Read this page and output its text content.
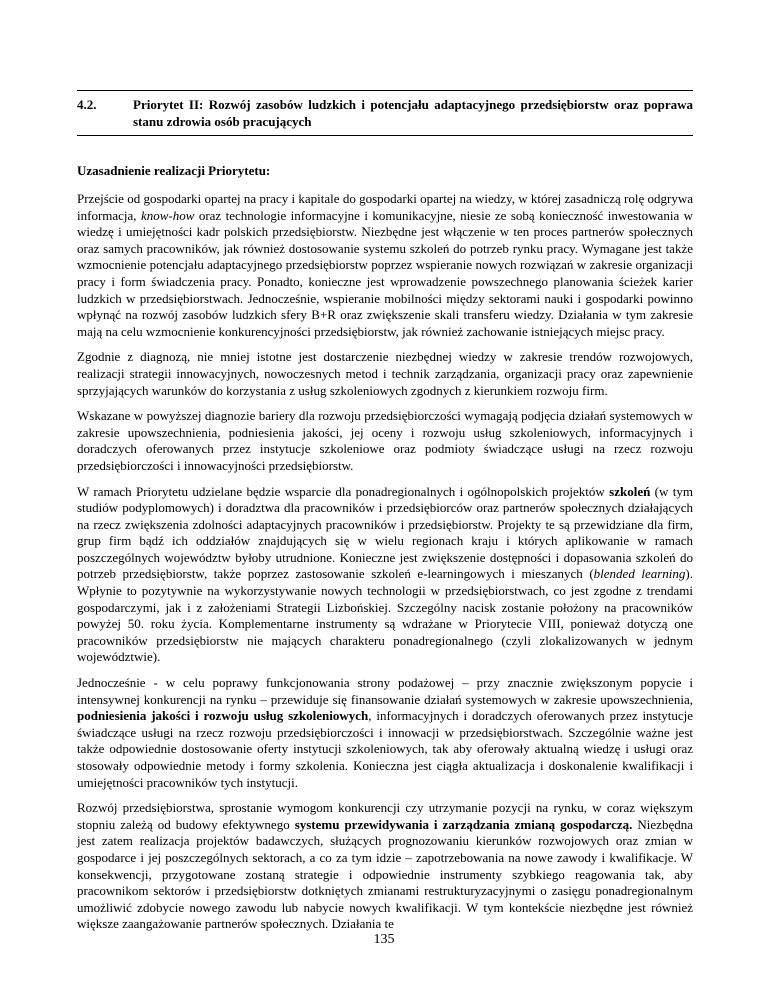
4.2.	Priorytet II: Rozwój zasobów ludzkich i potencjału adaptacyjnego przedsiębiorstw oraz poprawa stanu zdrowia osób pracujących
Uzasadnienie realizacji Priorytetu:

Przejście od gospodarki opartej na pracy i kapitale do gospodarki opartej na wiedzy, w której zasadniczą rolę odgrywa informacja, know-how oraz technologie informacyjne i komunikacyjne, niesie ze sobą konieczność inwestowania w wiedzę i umiejętności kadr polskich przedsiębiorstw. Niezbędne jest włączenie w ten proces partnerów społecznych oraz samych pracowników, jak również dostosowanie systemu szkoleń do potrzeb rynku pracy. Wymagane jest także wzmocnienie potencjału adaptacyjnego przedsiębiorstw poprzez wspieranie nowych rozwiązań w zakresie organizacji pracy i form świadczenia pracy. Ponadto, konieczne jest wprowadzenie powszechnego planowania ścieżek karier ludzkich w przedsiębiorstwach. Jednocześnie, wspieranie mobilności między sektorami nauki i gospodarki powinno wpłynąć na rozwój zasobów ludzkich sfery B+R oraz zwiększenie skali transferu wiedzy. Działania w tym zakresie mają na celu wzmocnienie konkurencyjności przedsiębiorstw, jak również zachowanie istniejących miejsc pracy.

Zgodnie z diagnozą, nie mniej istotne jest dostarczenie niezbędnej wiedzy w zakresie trendów rozwojowych, realizacji strategii innowacyjnych, nowoczesnych metod i technik zarządzania, organizacji pracy oraz zapewnienie sprzyjających warunków do korzystania z usług szkoleniowych zgodnych z kierunkiem rozwoju firm.

Wskazane w powyższej diagnozie bariery dla rozwoju przedsiębiorczości wymagają podjęcia działań systemowych w zakresie upowszechnienia, podniesienia jakości, jej oceny i rozwoju usług szkoleniowych, informacyjnych i doradczych oferowanych przez instytucje szkoleniowe oraz podmioty świadczące usługi na rzecz rozwoju przedsiębiorczości i innowacyjności przedsiębiorstw.

W ramach Priorytetu udzielane będzie wsparcie dla ponadregionalnych i ogólnopolskich projektów szkoleń (w tym studiów podyplomowych) i doradztwa dla pracowników i przedsiębiorców oraz partnerów społecznych działających na rzecz zwiększenia zdolności adaptacyjnych pracowników i przedsiębiorstw. Projekty te są przewidziane dla firm, grup firm bądź ich oddziałów znajdujących się w wielu regionach kraju i których aplikowanie w ramach poszczególnych województw byłoby utrudnione. Konieczne jest zwiększenie dostępności i dopasowania szkoleń do potrzeb przedsiębiorstw, także poprzez zastosowanie szkoleń e-learningowych i mieszanych (blended learning). Wpłynie to pozytywnie na wykorzystywanie nowych technologii w przedsiębiorstwach, co jest zgodne z trendami gospodarczymi, jak i z założeniami Strategii Lizbońskiej. Szczególny nacisk zostanie położony na pracowników powyżej 50. roku życia. Komplementarne instrumenty są wdrażane w Priorytecie VIII, ponieważ dotyczą one pracowników przedsiębiorstw nie mających charakteru ponadregionalnego (czyli zlokalizowanych w jednym województwie).

Jednocześnie - w celu poprawy funkcjonowania strony podażowej – przy znacznie zwiększonym popycie i intensywnej konkurencji na rynku – przewiduje się finansowanie działań systemowych w zakresie upowszechnienia, podniesienia jakości i rozwoju usług szkoleniowych, informacyjnych i doradczych oferowanych przez instytucje świadczące usługi na rzecz rozwoju przedsiębiorczości i innowacji w przedsiębiorstwach. Szczególnie ważne jest także odpowiednie dostosowanie oferty instytucji szkoleniowych, tak aby oferowały aktualną wiedzę i usługi oraz stosowały odpowiednie metody i formy szkolenia. Konieczna jest ciągła aktualizacja i doskonalenie kwalifikacji i umiejętności pracowników tych instytucji.

Rozwój przedsiębiorstwa, sprostanie wymogom konkurencji czy utrzymanie pozycji na rynku, w coraz większym stopniu zależą od budowy efektywnego systemu przewidywania i zarządzania zmianą gospodarczą. Niezbędna jest zatem realizacja projektów badawczych, służących prognozowaniu kierunków rozwojowych oraz zmian w gospodarce i jej poszczególnych sektorach, a co za tym idzie – zapotrzebowania na nowe zawody i kwalifikacje. W konsekwencji, przygotowane zostaną strategie i odpowiednie instrumenty szybkiego reagowania tak, aby pracownikom sektorów i przedsiębiorstw dotkniętych zmianami restrukturyzacyjnymi o zasięgu ponadregionalnym umożliwić zdobycie nowego zawodu lub nabycie nowych kwalifikacji. W tym kontekście niezbędne jest również większe zaangażowanie partnerów społecznych. Działania te

135
